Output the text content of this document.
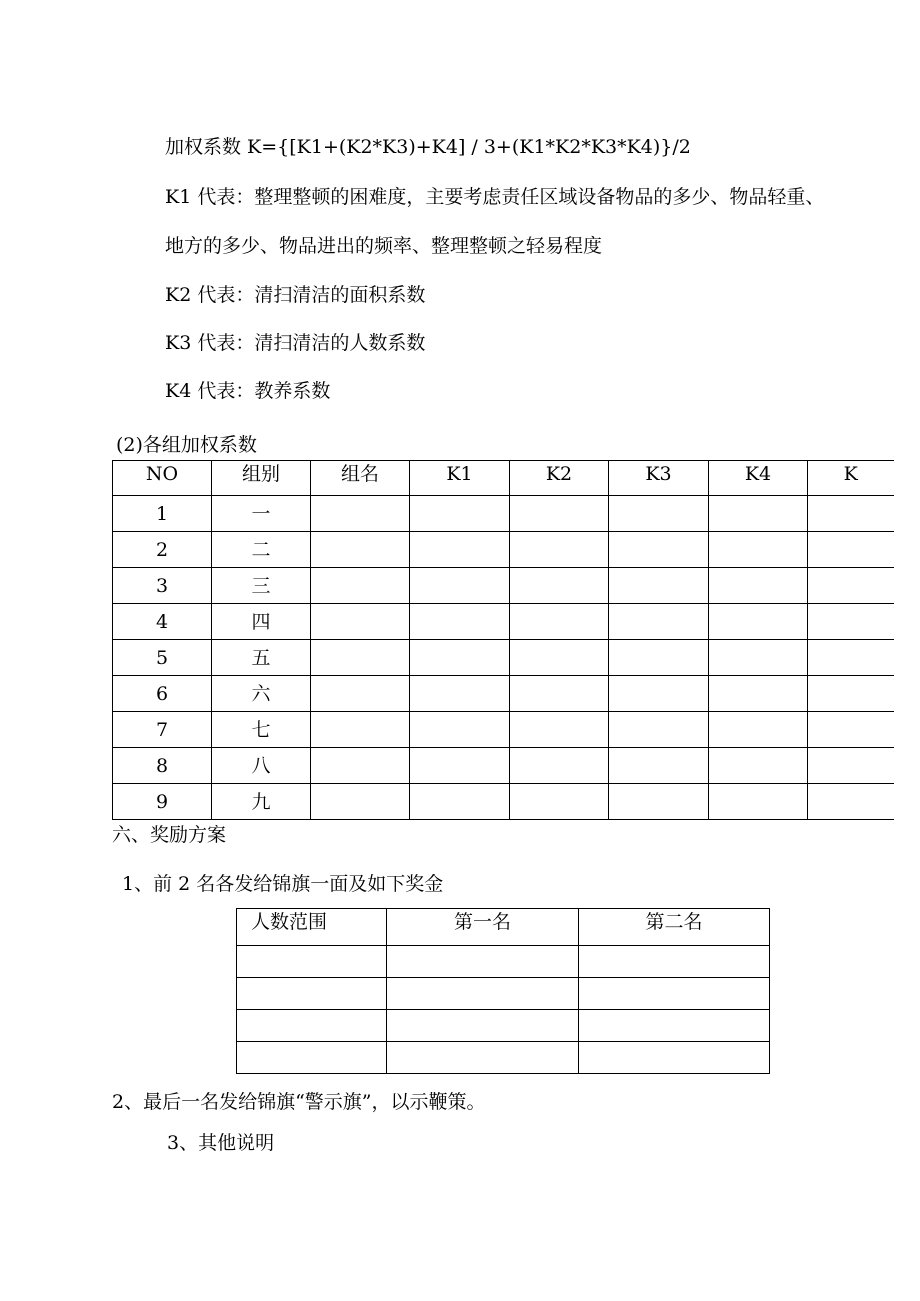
加权系数 K={[K1+(K2*K3)+K4] / 3+(K1*K2*K3*K4)}/2
K1 代表：整理整顿的困难度，主要考虑责任区域设备物品的多少、物品轻重、
地方的多少、物品进出的频率、整理整顿之轻易程度
K2 代表：清扫清洁的面积系数
K3 代表：清扫清洁的人数系数
K4 代表：教养系数
(2)各组加权系数
NO	组别	组名	K1	K2	K3	K4	K
1	一						
2	二						
3	三						
4	四						
5	五						
6	六						
7	七						
8	八						
9	九						
六、奖励方案
1、前 2 名各发给锦旗一面及如下奖金
人数范围	第一名	第二名

2、最后一名发给锦旗“警示旗”，以示鞭策。
3、其他说明
